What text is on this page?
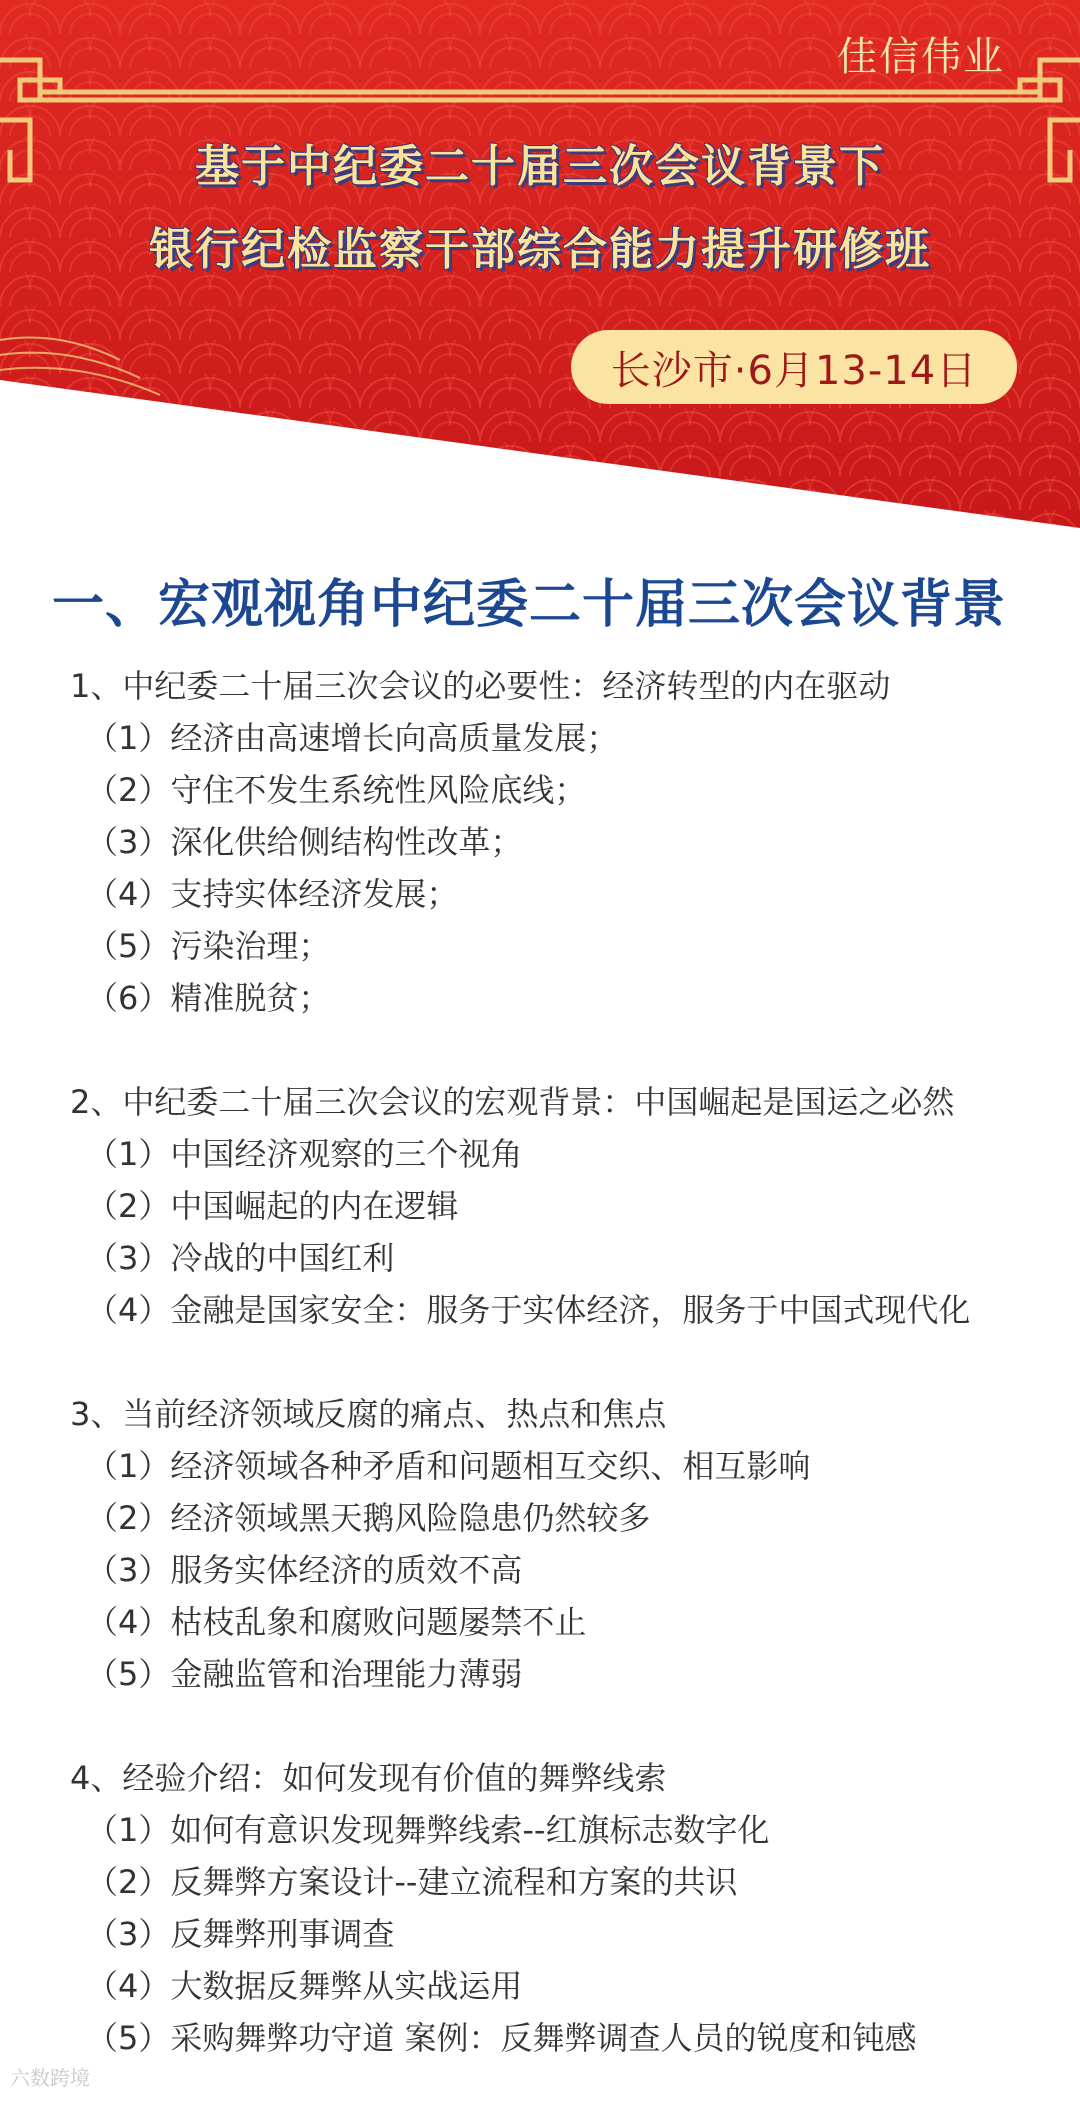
佳信伟业
基于中纪委二十届三次会议背景下
银行纪检监察干部综合能力提升研修班
长沙市·6月13-14日
一、宏观视角中纪委二十届三次会议背景
1、中纪委二十届三次会议的必要性：经济转型的内在驱动
（1）经济由高速增长向高质量发展；
（2）守住不发生系统性风险底线；
（3）深化供给侧结构性改革；
（4）支持实体经济发展；
（5）污染治理；
（6）精准脱贫；
2、中纪委二十届三次会议的宏观背景：中国崛起是国运之必然
（1）中国经济观察的三个视角
（2）中国崛起的内在逻辑
（3）冷战的中国红利
（4）金融是国家安全：服务于实体经济，服务于中国式现代化
3、当前经济领域反腐的痛点、热点和焦点
（1）经济领域各种矛盾和问题相互交织、相互影响
（2）经济领域黑天鹅风险隐患仍然较多
（3）服务实体经济的质效不高
（4）枯枝乱象和腐败问题屡禁不止
（5）金融监管和治理能力薄弱
4、经验介绍：如何发现有价值的舞弊线索
（1）如何有意识发现舞弊线索--红旗标志数字化
（2）反舞弊方案设计--建立流程和方案的共识
（3）反舞弊刑事调查
（4）大数据反舞弊从实战运用
（5）采购舞弊功守道 案例：反舞弊调查人员的锐度和钝感
六数跨境
